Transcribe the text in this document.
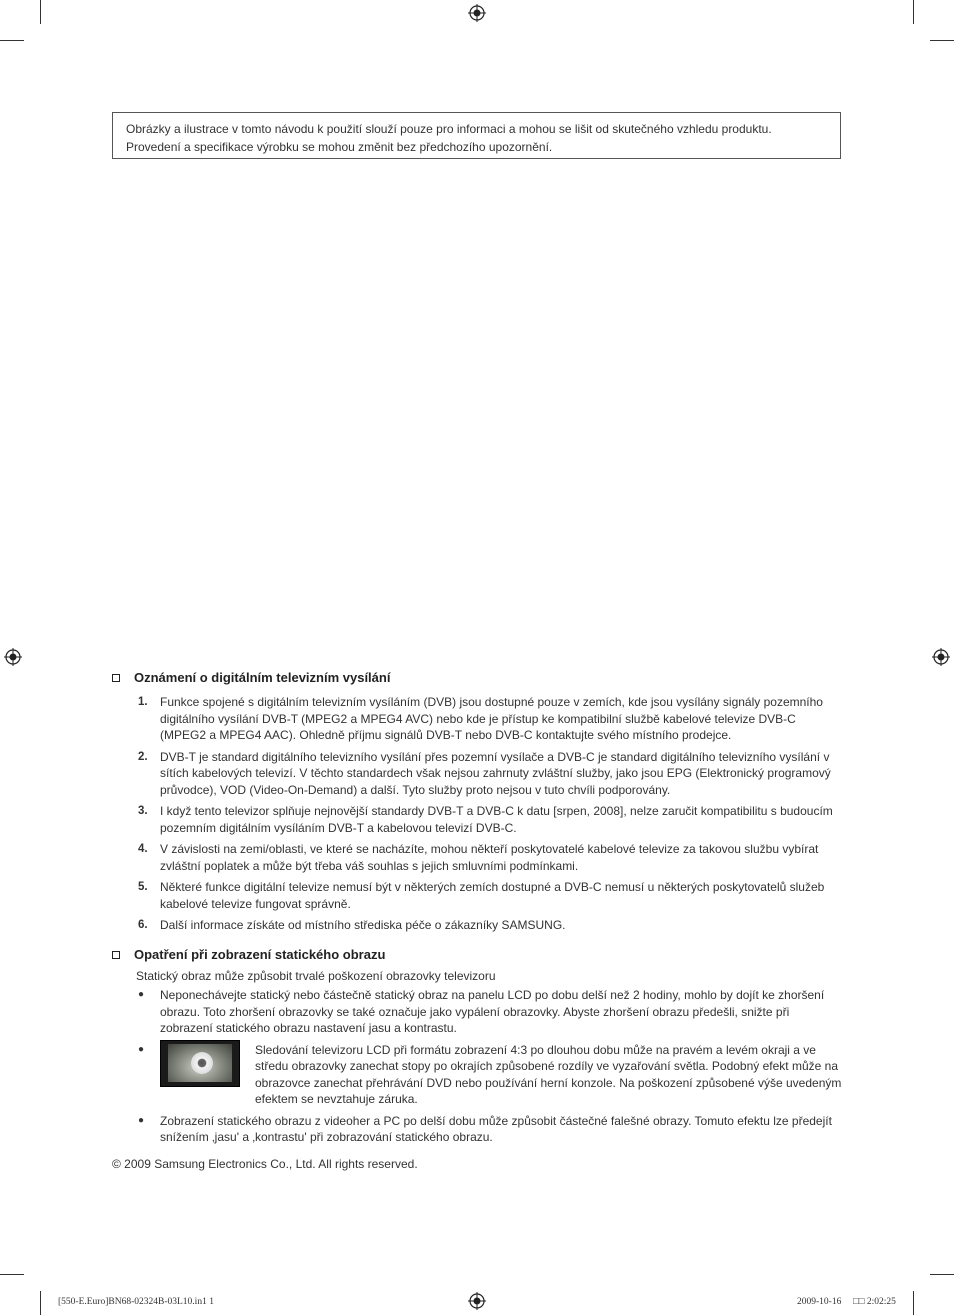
Obrázky a ilustrace v tomto návodu k použití slouží pouze pro informaci a mohou se lišit od skutečného vzhledu produktu.
Provedení a specifikace výrobku se mohou změnit bez předchozího upozornění.
Oznámení o digitálním televizním vysílání
1. Funkce spojené s digitálním televizním vysíláním (DVB) jsou dostupné pouze v zemích, kde jsou vysílány signály pozemního digitálního vysílání DVB-T (MPEG2 a MPEG4 AVC) nebo kde je přístup ke kompatibilní službě kabelové televize DVB-C (MPEG2 a MPEG4 AAC). Ohledně příjmu signálů DVB-T nebo DVB-C kontaktujte svého místního prodejce.
2. DVB-T je standard digitálního televizního vysílání přes pozemní vysílače a DVB-C je standard digitálního televizního vysílání v sítích kabelových televizí. V těchto standardech však nejsou zahrnuty zvláštní služby, jako jsou EPG (Elektronický programový průvodce), VOD (Video-On-Demand) a další. Tyto služby proto nejsou v tuto chvíli podporovány.
3. I když tento televizor splňuje nejnovější standardy DVB-T a DVB-C k datu [srpen, 2008], nelze zaručit kompatibilitu s budoucím pozemním digitálním vysíláním DVB-T a kabelovou televizí DVB-C.
4. V závislosti na zemi/oblasti, ve které se nacházíte, mohou někteří poskytovatelé kabelové televize za takovou službu vybírat zvláštní poplatek a může být třeba váš souhlas s jejich smluvními podmínkami.
5. Některé funkce digitální televize nemusí být v některých zemích dostupné a DVB-C nemusí u některých poskytovatelů služeb kabelové televize fungovat správně.
6. Další informace získáte od místního střediska péče o zákazníky SAMSUNG.
Opatření při zobrazení statického obrazu
Statický obraz může způsobit trvalé poškození obrazovky televizoru
● Neponechávejte statický nebo částečně statický obraz na panelu LCD po dobu delší než 2 hodiny, mohlo by dojít ke zhoršení obrazu. Toto zhoršení obrazovky se také označuje jako vypálení obrazovky. Abyste zhoršení obrazu předešli, snižte při zobrazení statického obrazu nastavení jasu a kontrastu.
●	Sledování televizoru LCD při formátu zobrazení 4:3 po dlouhou dobu může na pravém a levém okraji a ve středu obrazovky zanechat stopy po okrajích způsobené rozdíly ve vyzařování světla. Podobný efekt může na obrazovce zanechat přehrávání DVD nebo používání herní konzole. Na poškození způsobené výše uvedeným efektem se nevztahuje záruka.
● Zobrazení statického obrazu z videoher a PC po delší dobu může způsobit částečné falešné obrazy. Tomuto efektu lze předejít snížením ‚jasu' a ‚kontrastu' při zobrazování statického obrazu.
© 2009 Samsung Electronics Co., Ltd. All rights reserved.
[550-E.Euro]BN68-02324B-03L10.in1 1	2009-10-16 □□ 2:02:25
